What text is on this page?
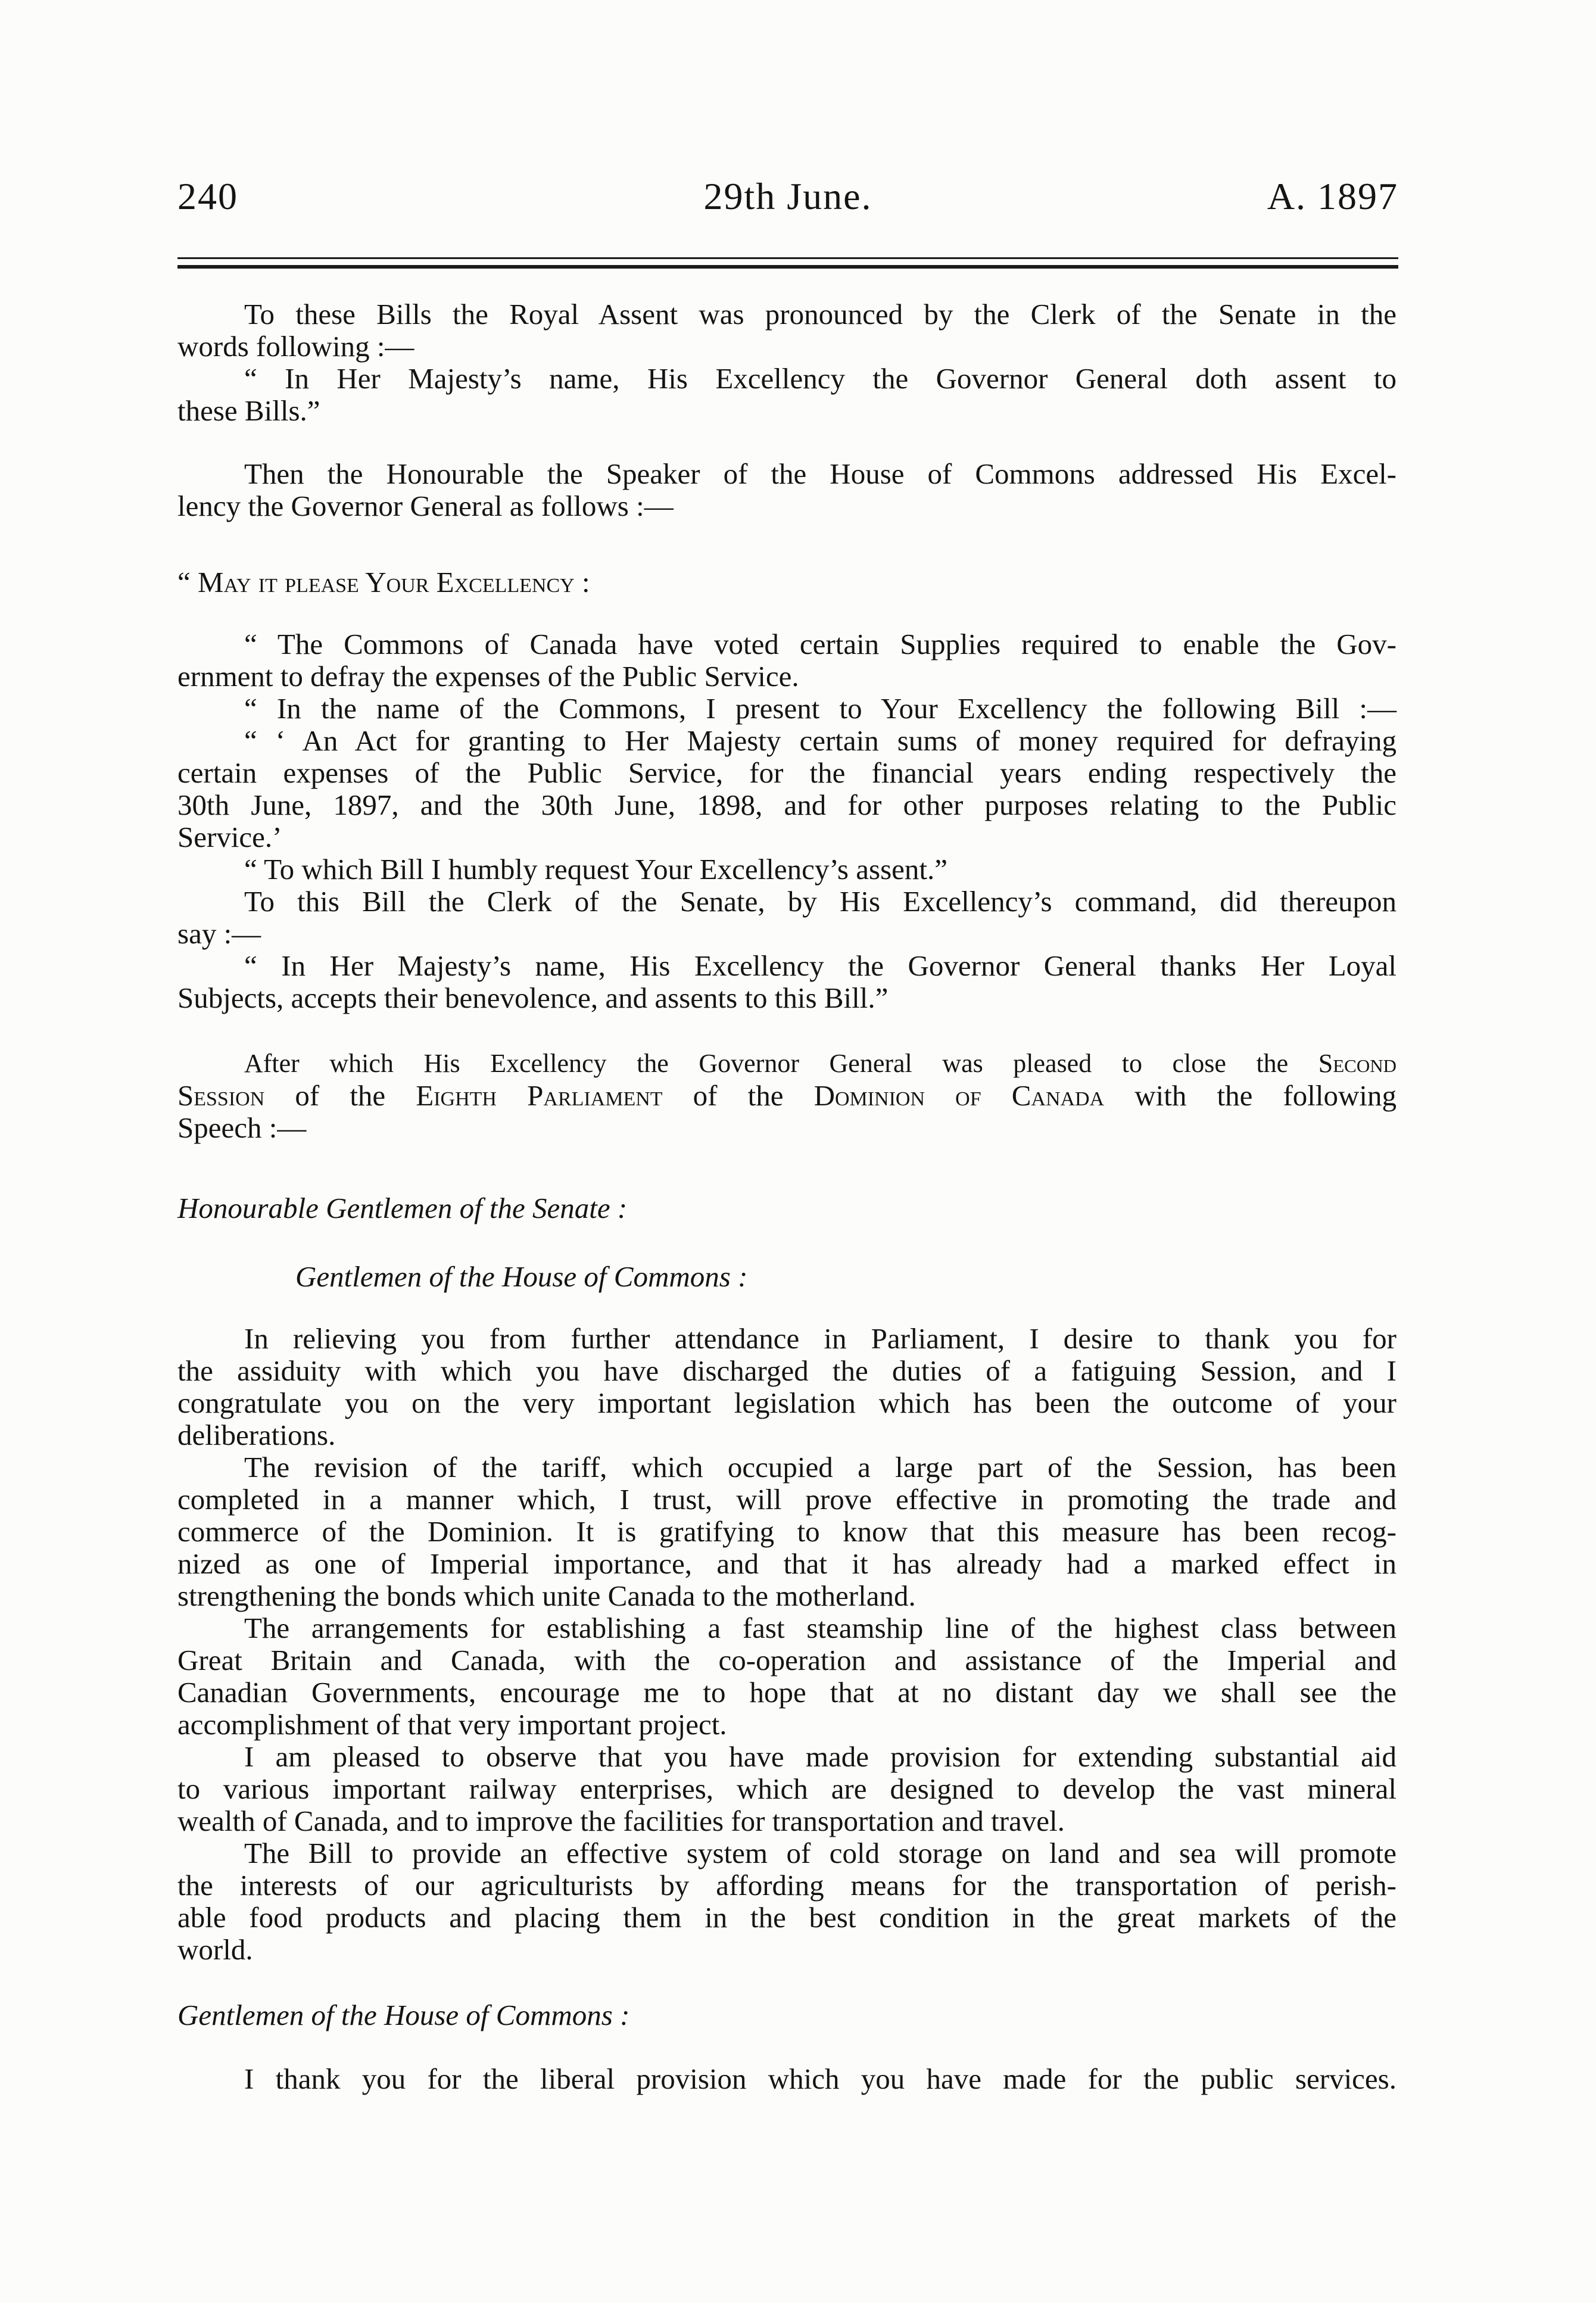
240	29th June.	A. 1897
To these Bills the Royal Assent was pronounced by the Clerk of the Senate in the
words following :—
“ In Her Majesty’s name, His Excellency the Governor General doth assent to
these Bills.”
Then the Honourable the Speaker of the House of Commons addressed His Excel-
lency the Governor General as follows :—
“ May it please Your Excellency :
“ The Commons of Canada have voted certain Supplies required to enable the Gov-
ernment to defray the expenses of the Public Service.
“ In the name of the Commons, I present to Your Excellency the following Bill :—
“ ‘ An Act for granting to Her Majesty certain sums of money required for defraying
certain expenses of the Public Service, for the financial years ending respectively the
30th June, 1897, and the 30th June, 1898, and for other purposes relating to the Public
Service.’
“ To which Bill I humbly request Your Excellency’s assent.”
To this Bill the Clerk of the Senate, by His Excellency’s command, did thereupon
say :—
“ In Her Majesty’s name, His Excellency the Governor General thanks Her Loyal
Subjects, accepts their benevolence, and assents to this Bill.”
After which His Excellency the Governor General was pleased to close the Second
Session of the Eighth Parliament of the Dominion of Canada with the following
Speech :—
Honourable Gentlemen of the Senate :
Gentlemen of the House of Commons :
In relieving you from further attendance in Parliament, I desire to thank you for
the assiduity with which you have discharged the duties of a fatiguing Session, and I
congratulate you on the very important legislation which has been the outcome of your
deliberations.
The revision of the tariff, which occupied a large part of the Session, has been
completed in a manner which, I trust, will prove effective in promoting the trade and
commerce of the Dominion. It is gratifying to know that this measure has been recog-
nized as one of Imperial importance, and that it has already had a marked effect in
strengthening the bonds which unite Canada to the motherland.
The arrangements for establishing a fast steamship line of the highest class between
Great Britain and Canada, with the co-operation and assistance of the Imperial and
Canadian Governments, encourage me to hope that at no distant day we shall see the
accomplishment of that very important project.
I am pleased to observe that you have made provision for extending substantial aid
to various important railway enterprises, which are designed to develop the vast mineral
wealth of Canada, and to improve the facilities for transportation and travel.
The Bill to provide an effective system of cold storage on land and sea will promote
the interests of our agriculturists by affording means for the transportation of perish-
able food products and placing them in the best condition in the great markets of the
world.
Gentlemen of the House of Commons :
I thank you for the liberal provision which you have made for the public services.
